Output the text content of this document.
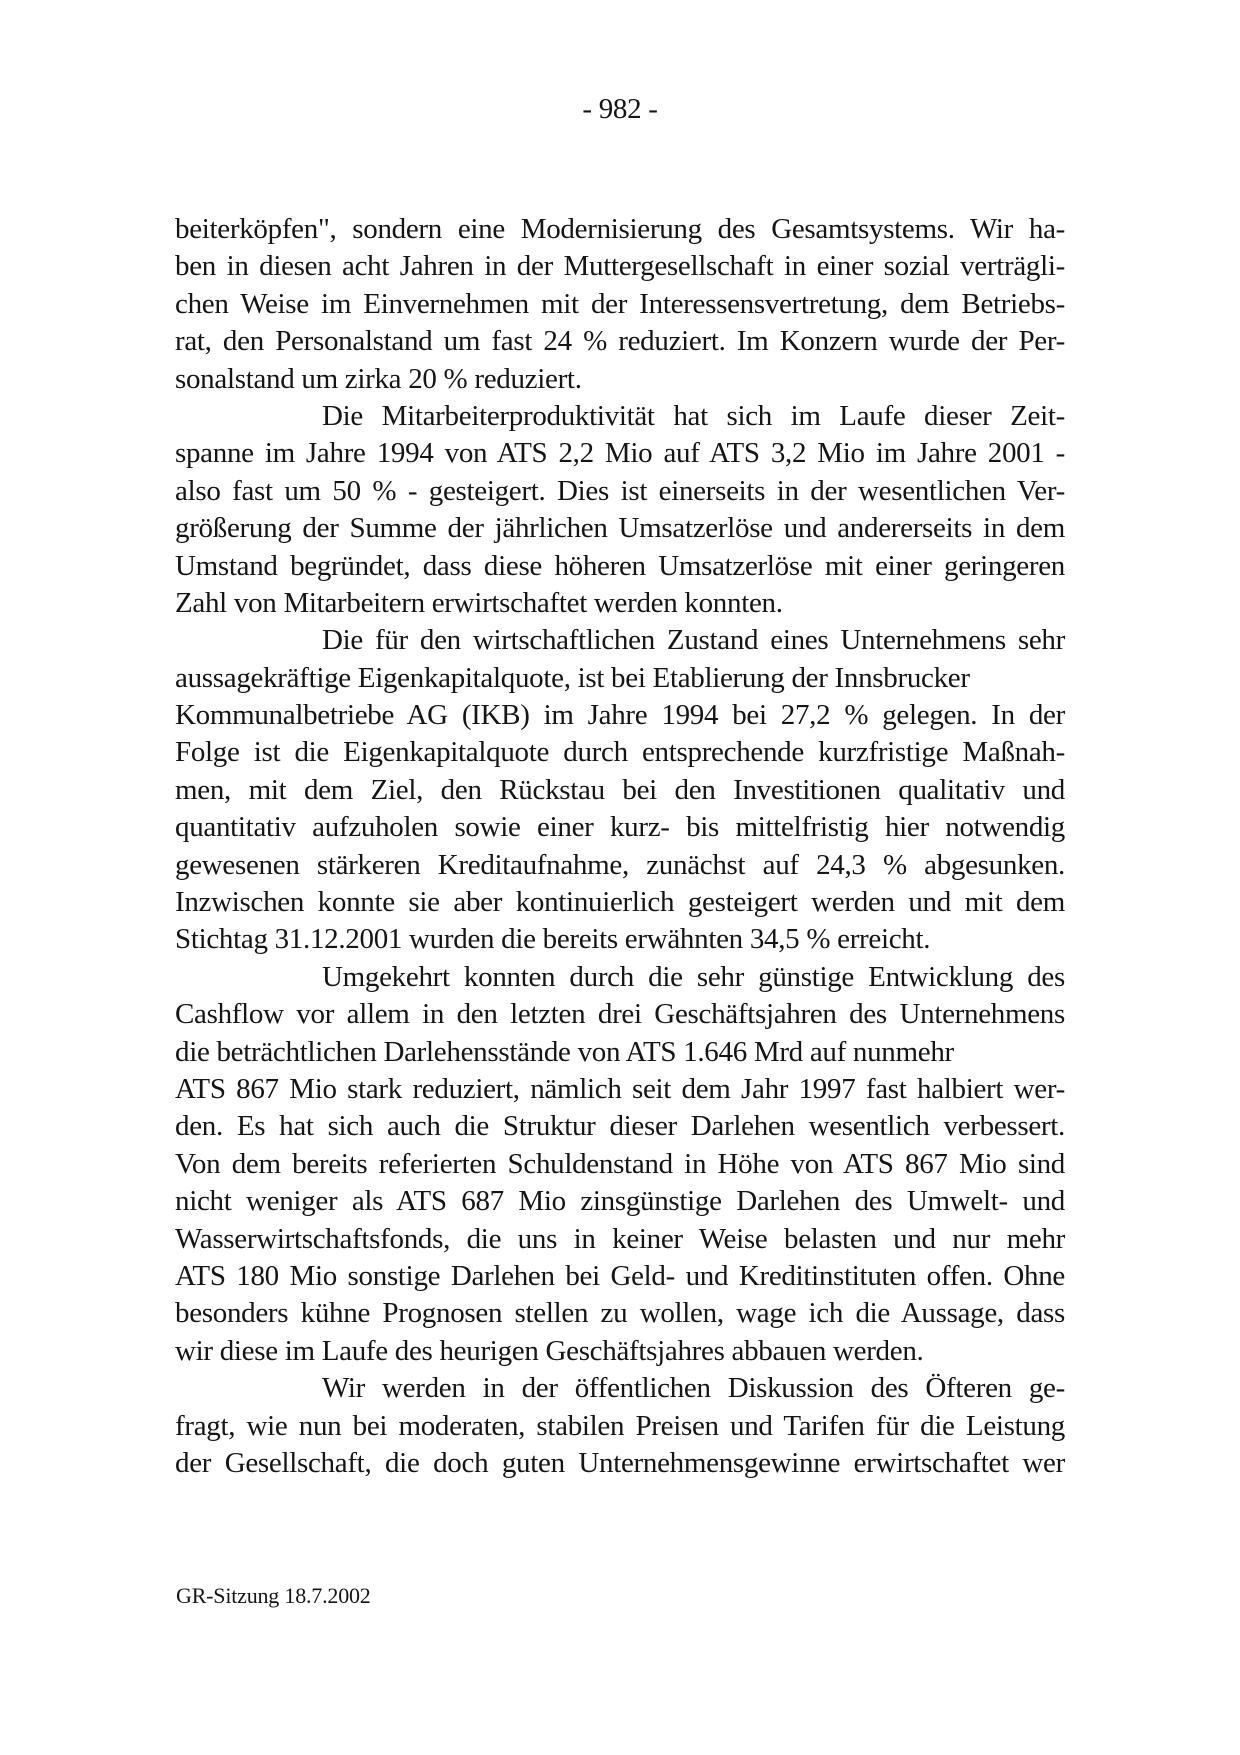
- 982 -
beiterköpfen", sondern eine Modernisierung des Gesamtsystems. Wir ha-
ben in diesen acht Jahren in der Muttergesellschaft in einer sozial verträgli-
chen Weise im Einvernehmen mit der Interessensvertretung, dem Betriebs-
rat, den Personalstand um fast 24 % reduziert. Im Konzern wurde der Per-
sonalstand um zirka 20 % reduziert.
Die Mitarbeiterproduktivität hat sich im Laufe dieser Zeit-
spanne im Jahre 1994 von ATS 2,2 Mio auf ATS 3,2 Mio im Jahre 2001 -
also fast um 50 % - gesteigert. Dies ist einerseits in der wesentlichen Ver-
größerung der Summe der jährlichen Umsatzerlöse und andererseits in dem
Umstand begründet, dass diese höheren Umsatzerlöse mit einer geringeren
Zahl von Mitarbeitern erwirtschaftet werden konnten.
Die für den wirtschaftlichen Zustand eines Unternehmens sehr
aussagekräftige Eigenkapitalquote, ist bei Etablierung der Innsbrucker
Kommunalbetriebe AG (IKB) im Jahre 1994 bei 27,2 % gelegen. In der
Folge ist die Eigenkapitalquote durch entsprechende kurzfristige Maßnah-
men, mit dem Ziel, den Rückstau bei den Investitionen qualitativ und
quantitativ aufzuholen sowie einer kurz- bis mittelfristig hier notwendig
gewesenen stärkeren Kreditaufnahme, zunächst auf 24,3 % abgesunken.
Inzwischen konnte sie aber kontinuierlich gesteigert werden und mit dem
Stichtag 31.12.2001 wurden die bereits erwähnten 34,5 % erreicht.
Umgekehrt konnten durch die sehr günstige Entwicklung des
Cashflow vor allem in den letzten drei Geschäftsjahren des Unternehmens
die beträchtlichen Darlehensstände von ATS 1.646 Mrd auf nunmehr
ATS 867 Mio stark reduziert, nämlich seit dem Jahr 1997 fast halbiert wer-
den. Es hat sich auch die Struktur dieser Darlehen wesentlich verbessert.
Von dem bereits referierten Schuldenstand in Höhe von ATS 867 Mio sind
nicht weniger als ATS 687 Mio zinsgünstige Darlehen des Umwelt- und
Wasserwirtschaftsfonds, die uns in keiner Weise belasten und nur mehr
ATS 180 Mio sonstige Darlehen bei Geld- und Kreditinstituten offen. Ohne
besonders kühne Prognosen stellen zu wollen, wage ich die Aussage, dass
wir diese im Laufe des heurigen Geschäftsjahres abbauen werden.
Wir werden in der öffentlichen Diskussion des Öfteren ge-
fragt, wie nun bei moderaten, stabilen Preisen und Tarifen für die Leistung
der Gesellschaft, die doch guten Unternehmensgewinne erwirtschaftet wer
GR-Sitzung 18.7.2002
